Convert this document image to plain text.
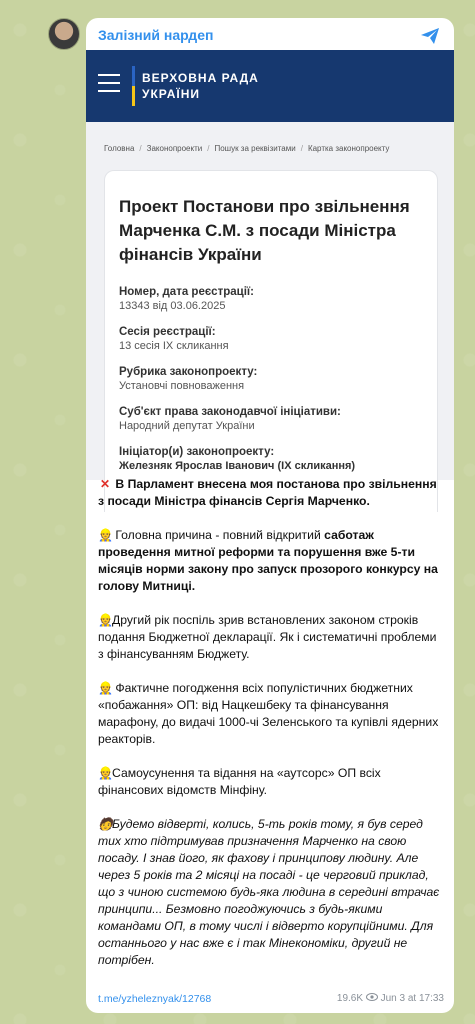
Залізний нардеп
ВЕРХОВНА РАДА
УКРАЇНИ
Головна / Законопроекти / Пошук за реквізитами / Картка законопроекту
Проект Постанови про звільнення Марченка С.М. з посади Міністра фінансів України
Номер, дата реєстрації:
13343 від 03.06.2025
Сесія реєстрації:
13 сесія IX скликання
Рубрика законопроекту:
Установчі повноваження
Суб'єкт права законодавчої ініціативи:
Народний депутат України
Ініціатор(и) законопроекту:
Железняк Ярослав Іванович (IX скликання)

✕ В Парламент внесена моя постанова про звільнення з посади Міністра фінансів Сергія Марченко.

👷 Головна причина - повний відкритий саботаж проведення митної реформи та порушення вже 5-ти місяців норми закону про запуск прозорого конкурсу на голову Митниці.

👷Другий рік поспіль зрив встановлених законом строків подання Бюджетної декларації. Як і систематичні проблеми з фінансуванням Бюджету.

👷 Фактичне погодження всіх популістичних бюджетних «побажання» ОП: від Нацкешбеку та фінансування марафону, до видачі 1000-чі Зеленського та купівлі ядерних реакторів.

👷Самоусунення та відання на «аутсорс» ОП всіх фінансових відомств Мінфіну.

🧑Будемо відверті, колись, 5-ть років тому, я був серед тих хто підтримував призначення Марченко на свою посаду. І знав його, як фахову і принципову людину. Але через 5 років та 2 місяці на посаді - це черговий приклад, що з чиною системою будь-яка людина в середині втрачає принципи... Безмовно погоджуючись з будь-якими командами ОП, в тому числі і відверто корупційними. Для останнього у нас вже є і так Мінекономіки, другий не потрібен.

t.me/yzheleznyak/12768	19.6K Jun 3 at 17:33
